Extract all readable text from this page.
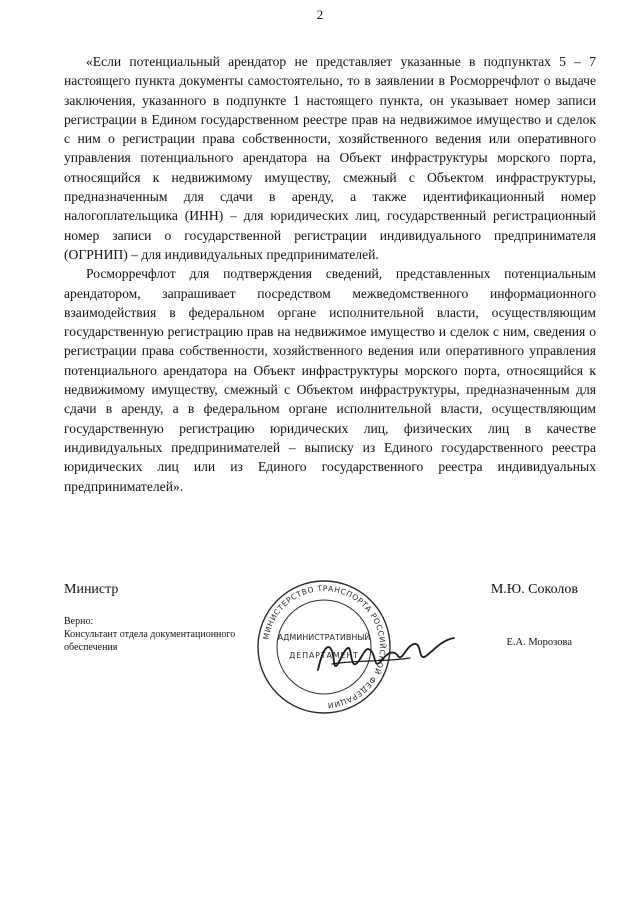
2

«Если потенциальный арендатор не представляет указанные в подпунктах 5 – 7 настоящего пункта документы самостоятельно, то в заявлении в Росморречфлот о выдаче заключения, указанного в подпункте 1 настоящего пункта, он указывает номер записи регистрации в Едином государственном реестре прав на недвижимое имущество и сделок с ним о регистрации права собственности, хозяйственного ведения или оперативного управления потенциального арендатора на Объект инфраструктуры морского порта, относящийся к недвижимому имуществу, смежный с Объектом инфраструктуры, предназначенным для сдачи в аренду, а также идентификационный номер налогоплательщика (ИНН) – для юридических лиц, государственный регистрационный номер записи о государственной регистрации индивидуального предпринимателя (ОГРНИП) – для индивидуальных предпринимателей.

Росморречфлот для подтверждения сведений, представленных потенциальным арендатором, запрашивает посредством межведомственного информационного взаимодействия в федеральном органе исполнительной власти, осуществляющим государственную регистрацию прав на недвижимое имущество и сделок с ним, сведения о регистрации права собственности, хозяйственного ведения или оперативного управления потенциального арендатора на Объект инфраструктуры морского порта, относящийся к недвижимому имуществу, смежный с Объектом инфраструктуры, предназначенным для сдачи в аренду, а в федеральном органе исполнительной власти, осуществляющим государственную регистрацию юридических лиц, физических лиц в качестве индивидуальных предпринимателей – выписку из Единого государственного реестра юридических лиц или из Единого государственного реестра индивидуальных предпринимателей».

Министр	М.Ю. Соколов
Верно:
Консультант отдела документационного
обеспечения	Е.А. Морозова
МИНИСТЕРСТВО ТРАНСПОРТА РОССИЙСКОЙ ФЕДЕРАЦИИ
АДМИНИСТРАТИВНЫЙ
ДЕПАРТАМЕНТ
